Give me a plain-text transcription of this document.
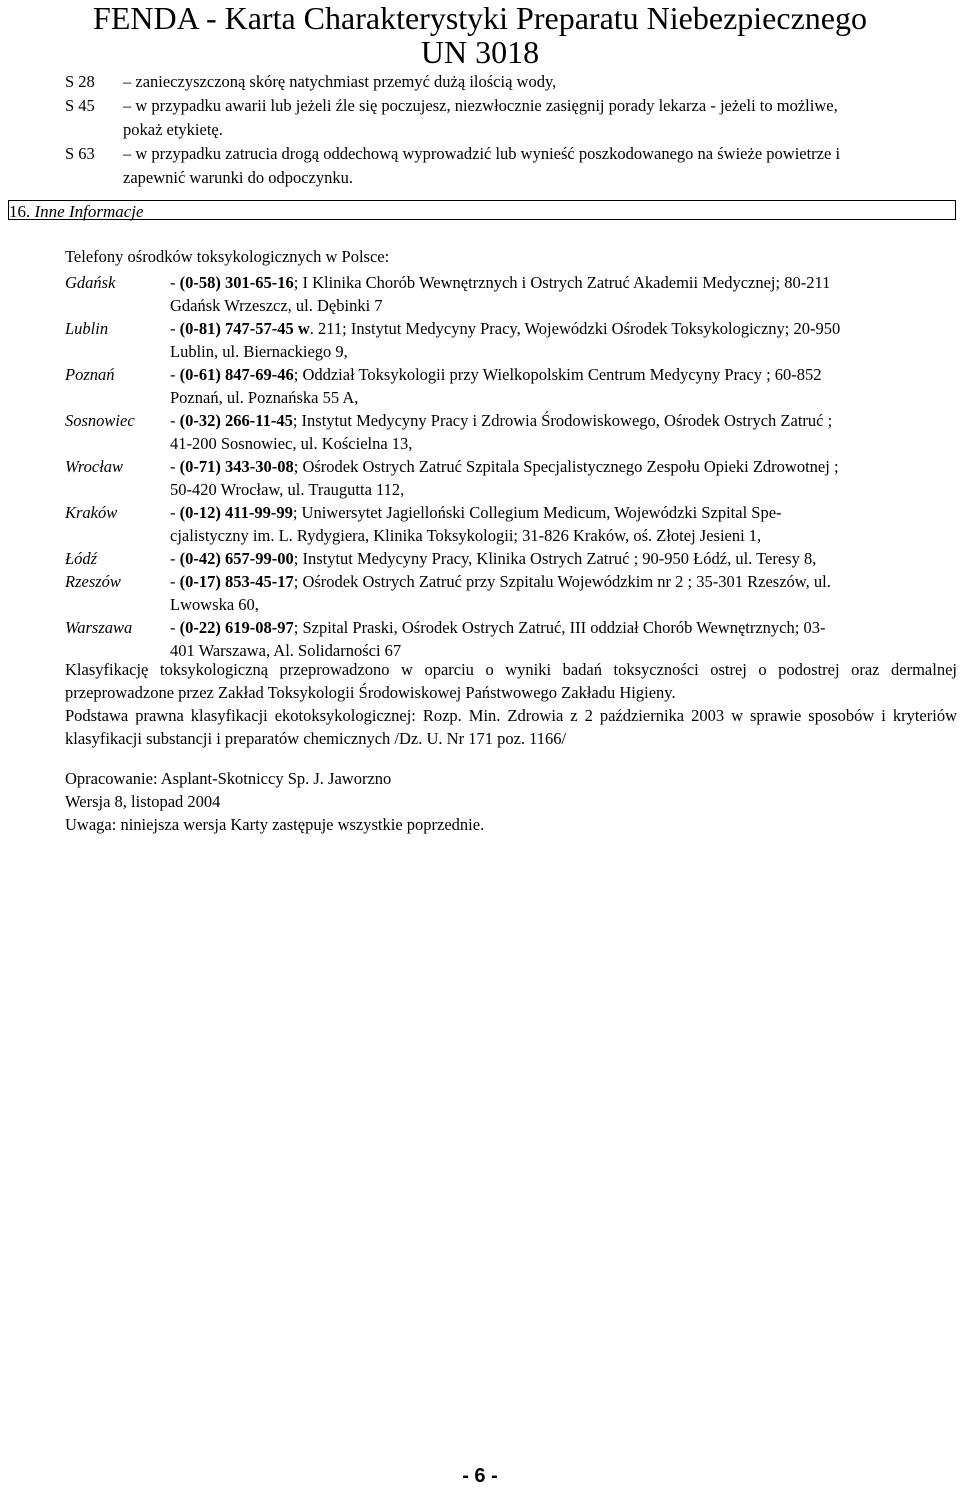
FENDA - Karta Charakterystyki Preparatu Niebezpiecznego
UN 3018
S 28	– zanieczyszczoną skórę natychmiast przemyć dużą ilością wody,
S 45	– w przypadku awarii lub jeżeli źle się poczujesz, niezwłocznie zasięgnij porady lekarza - jeżeli to możliwe,
pokaż etykietę.
S 63	– w przypadku zatrucia drogą oddechową wyprowadzić lub wynieść poszkodowanego na świeże powietrze i
zapewnić warunki do odpoczynku.
16. Inne Informacje
Telefony ośrodków toksykologicznych w Polsce:
Gdańsk	- (0-58) 301-65-16; I Klinika Chorób Wewnętrznych i Ostrych Zatruć Akademii Medycznej; 80-211
Gdańsk Wrzeszcz, ul. Dębinki 7
Lublin	- (0-81) 747-57-45 w. 211; Instytut Medycyny Pracy, Wojewódzki Ośrodek Toksykologiczny; 20-950
Lublin, ul. Biernackiego 9,
Poznań	- (0-61) 847-69-46; Oddział Toksykologii przy Wielkopolskim Centrum Medycyny Pracy ; 60-852
Poznań, ul. Poznańska 55 A,
Sosnowiec	- (0-32) 266-11-45; Instytut Medycyny Pracy i Zdrowia Środowiskowego, Ośrodek Ostrych Zatruć ;
41-200 Sosnowiec, ul. Kościelna 13,
Wrocław	- (0-71) 343-30-08; Ośrodek Ostrych Zatruć Szpitala Specjalistycznego Zespołu Opieki Zdrowotnej ;
50-420 Wrocław, ul. Traugutta 112,
Kraków	- (0-12) 411-99-99; Uniwersytet Jagielloński Collegium Medicum, Wojewódzki Szpital Spe-
cjalistyczny im. L. Rydygiera, Klinika Toksykologii; 31-826 Kraków, oś. Złotej Jesieni 1,
Łódź	- (0-42) 657-99-00; Instytut Medycyny Pracy, Klinika Ostrych Zatruć ; 90-950 Łódź, ul. Teresy 8,
Rzeszów	- (0-17) 853-45-17; Ośrodek Ostrych Zatruć przy Szpitalu Wojewódzkim nr 2 ; 35-301 Rzeszów, ul.
Lwowska 60,
Warszawa	- (0-22) 619-08-97; Szpital Praski, Ośrodek Ostrych Zatruć, III oddział Chorób Wewnętrznych; 03-
401 Warszawa, Al. Solidarności 67

Klasyfikację toksykologiczną przeprowadzono w oparciu o wyniki badań toksyczności ostrej o podostrej oraz dermalnej przeprowadzone przez Zakład Toksykologii Środowiskowej Państwowego Zakładu Higieny.

Podstawa prawna klasyfikacji ekotoksykologicznej: Rozp. Min. Zdrowia z 2 października 2003 w sprawie sposobów i kryteriów klasyfikacji substancji i preparatów chemicznych /Dz. U. Nr 171 poz. 1166/

Opracowanie: Asplant-Skotniccy Sp. J. Jaworzno
Wersja 8, listopad 2004
Uwaga: niniejsza wersja Karty zastępuje wszystkie poprzednie.
- 6 -
